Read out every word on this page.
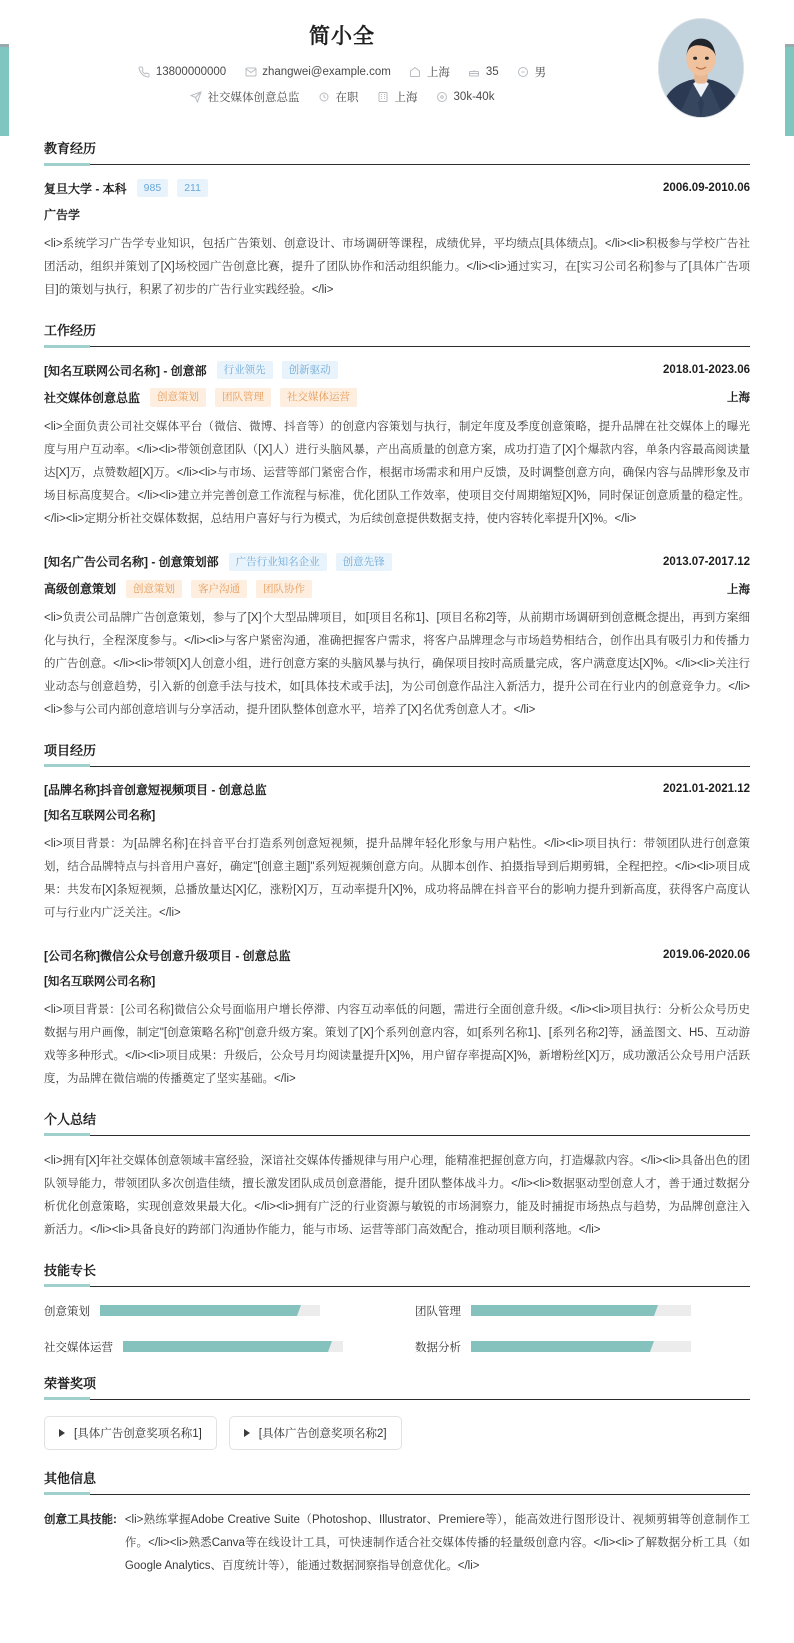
简小全
13800000000	zhangwei@example.com	上海	35	男
社交媒体创意总监	在职	上海	30k-40k
教育经历
复旦大学 - 本科	985	211	2006.09-2010.06
广告学
<li>系统学习广告学专业知识，包括广告策划、创意设计、市场调研等课程，成绩优异，平均绩点[具体绩点]。</li><li>积极参与学校广告社团活动，组织并策划了[X]场校园广告创意比赛，提升了团队协作和活动组织能力。</li><li>通过实习，在[实习公司名称]参与了[具体广告项目]的策划与执行，积累了初步的广告行业实践经验。</li>
工作经历
[知名互联网公司名称] - 创意部	行业领先	创新驱动	2018.01-2023.06
社交媒体创意总监	创意策划	团队管理	社交媒体运营	上海
<li>全面负责公司社交媒体平台（微信、微博、抖音等）的创意内容策划与执行，制定年度及季度创意策略，提升品牌在社交媒体上的曝光度与用户互动率。</li><li>带领创意团队（[X]人）进行头脑风暴，产出高质量的创意方案，成功打造了[X]个爆款内容，单条内容最高阅读量达[X]万，点赞数超[X]万。</li><li>与市场、运营等部门紧密合作，根据市场需求和用户反馈，及时调整创意方向，确保内容与品牌形象及市场目标高度契合。</li><li>建立并完善创意工作流程与标准，优化团队工作效率，使项目交付周期缩短[X]%，同时保证创意质量的稳定性。</li><li>定期分析社交媒体数据，总结用户喜好与行为模式，为后续创意提供数据支持，使内容转化率提升[X]%。</li>
[知名广告公司名称] - 创意策划部	广告行业知名企业	创意先锋	2013.07-2017.12
高级创意策划	创意策划	客户沟通	团队协作	上海
<li>负责公司品牌广告创意策划，参与了[X]个大型品牌项目，如[项目名称1]、[项目名称2]等，从前期市场调研到创意概念提出，再到方案细化与执行，全程深度参与。</li><li>与客户紧密沟通，准确把握客户需求，将客户品牌理念与市场趋势相结合，创作出具有吸引力和传播力的广告创意。</li><li>带领[X]人创意小组，进行创意方案的头脑风暴与执行，确保项目按时高质量完成，客户满意度达[X]%。</li><li>关注行业动态与创意趋势，引入新的创意手法与技术，如[具体技术或手法]，为公司创意作品注入新活力，提升公司在行业内的创意竞争力。</li><li>参与公司内部创意培训与分享活动，提升团队整体创意水平，培养了[X]名优秀创意人才。</li>
项目经历
[品牌名称]抖音创意短视频项目 - 创意总监	2021.01-2021.12
[知名互联网公司名称]
<li>项目背景：为[品牌名称]在抖音平台打造系列创意短视频，提升品牌年轻化形象与用户粘性。</li><li>项目执行：带领团队进行创意策划，结合品牌特点与抖音用户喜好，确定"[创意主题]"系列短视频创意方向。从脚本创作、拍摄指导到后期剪辑，全程把控。</li><li>项目成果：共发布[X]条短视频，总播放量达[X]亿，涨粉[X]万，互动率提升[X]%，成功将品牌在抖音平台的影响力提升到新高度，获得客户高度认可与行业内广泛关注。</li>
[公司名称]微信公众号创意升级项目 - 创意总监	2019.06-2020.06
[知名互联网公司名称]
<li>项目背景：[公司名称]微信公众号面临用户增长停滞、内容互动率低的问题，需进行全面创意升级。</li><li>项目执行：分析公众号历史数据与用户画像，制定"[创意策略名称]"创意升级方案。策划了[X]个系列创意内容，如[系列名称1]、[系列名称2]等，涵盖图文、H5、互动游戏等多种形式。</li><li>项目成果：升级后，公众号月均阅读量提升[X]%，用户留存率提高[X]%，新增粉丝[X]万，成功激活公众号用户活跃度，为品牌在微信端的传播奠定了坚实基础。</li>
个人总结
<li>拥有[X]年社交媒体创意领域丰富经验，深谙社交媒体传播规律与用户心理，能精准把握创意方向，打造爆款内容。</li><li>具备出色的团队领导能力，带领团队多次创造佳绩，擅长激发团队成员创意潜能，提升团队整体战斗力。</li><li>数据驱动型创意人才，善于通过数据分析优化创意策略，实现创意效果最大化。</li><li>拥有广泛的行业资源与敏锐的市场洞察力，能及时捕捉市场热点与趋势，为品牌创意注入新活力。</li><li>具备良好的跨部门沟通协作能力，能与市场、运营等部门高效配合，推动项目顺利落地。</li>
技能专长
创意策划	团队管理
社交媒体运营	数据分析
荣誉奖项
[具体广告创意奖项名称1]	[具体广告创意奖项名称2]
其他信息
创意工具技能: <li>熟练掌握Adobe Creative Suite（Photoshop、Illustrator、Premiere等），能高效进行图形设计、视频剪辑等创意制作工作。</li><li>熟悉Canva等在线设计工具，可快速制作适合社交媒体传播的轻量级创意内容。</li><li>了解数据分析工具（如Google Analytics、百度统计等），能通过数据洞察指导创意优化。</li>
